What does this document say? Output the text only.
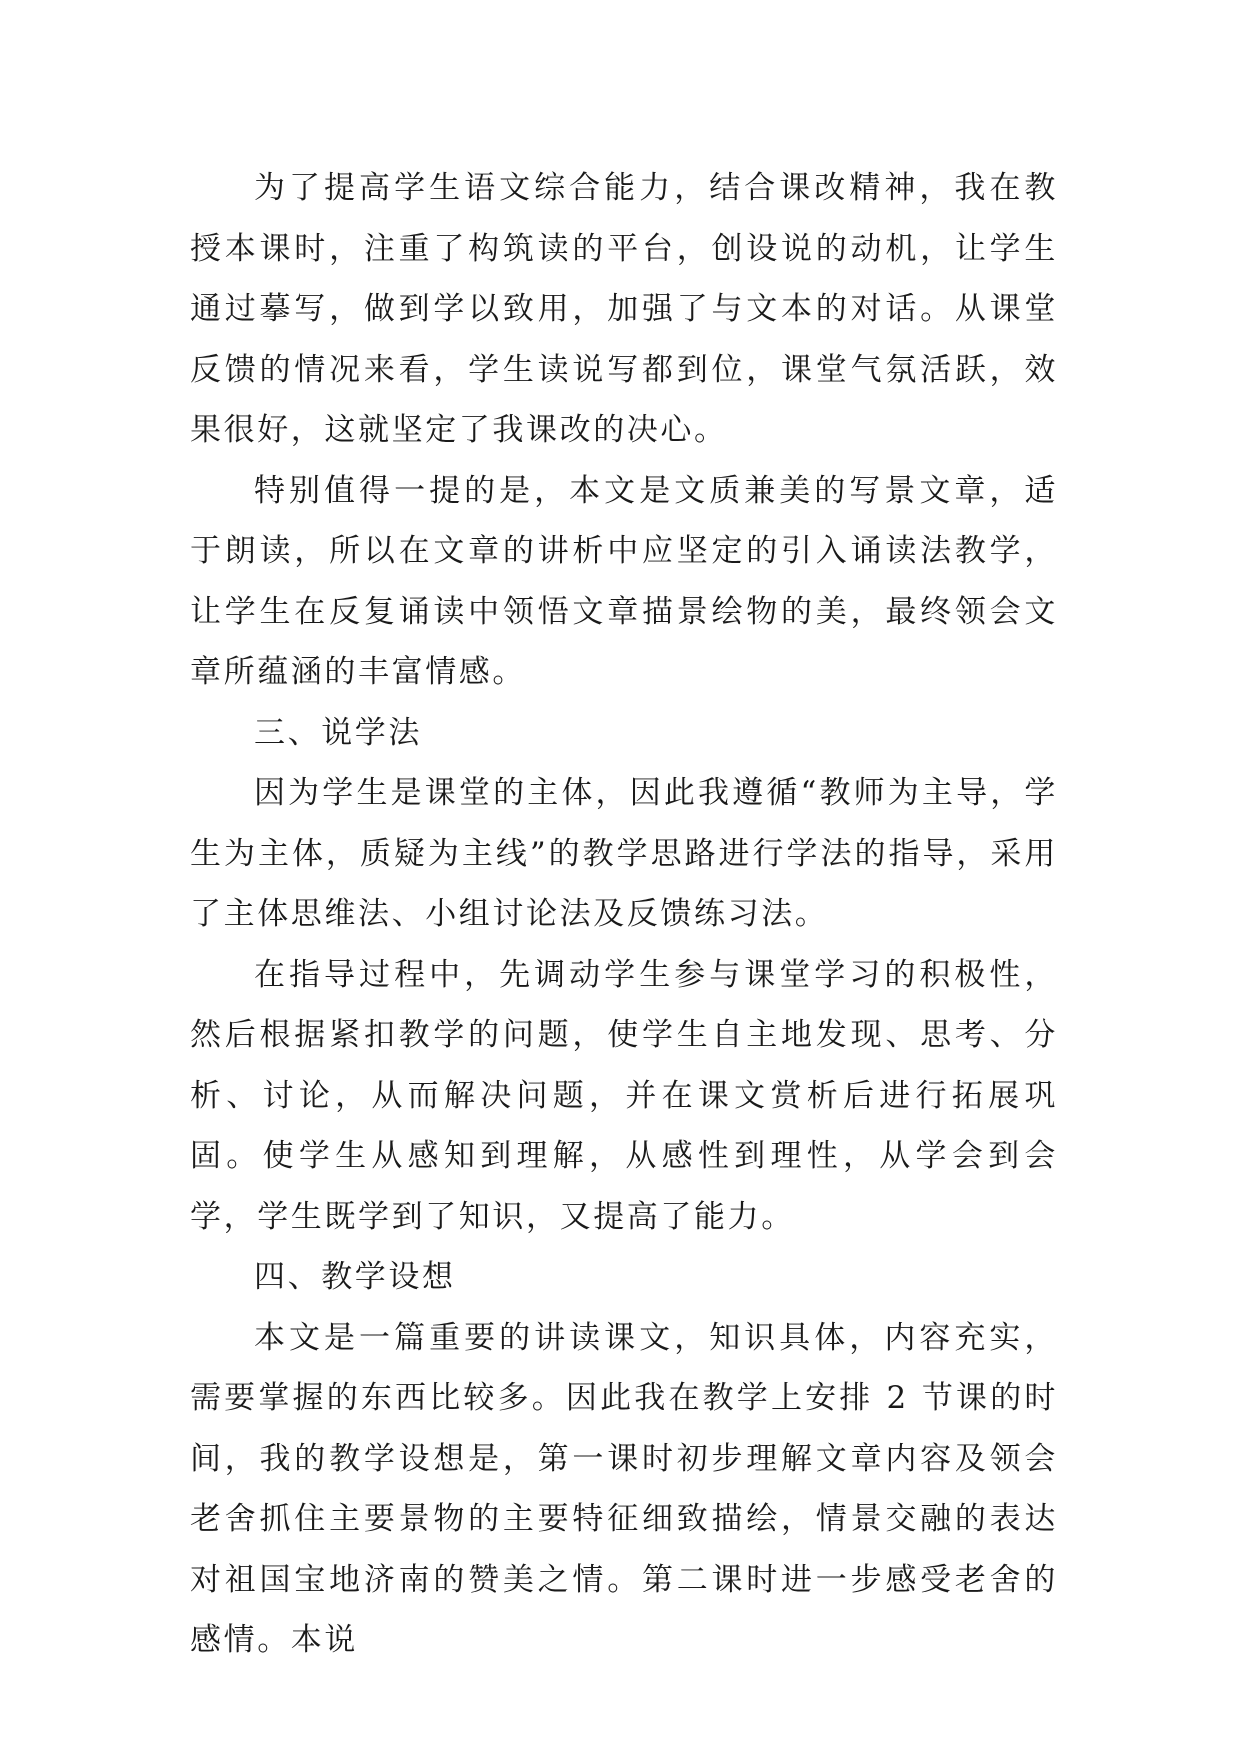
为了提高学生语文综合能力，结合课改精神，我在教授本课时，注重了构筑读的平台，创设说的动机，让学生通过摹写，做到学以致用，加强了与文本的对话。从课堂反馈的情况来看，学生读说写都到位，课堂气氛活跃，效果很好，这就坚定了我课改的决心。

特别值得一提的是，本文是文质兼美的写景文章，适于朗读，所以在文章的讲析中应坚定的引入诵读法教学，让学生在反复诵读中领悟文章描景绘物的美，最终领会文章所蕴涵的丰富情感。

三、说学法

因为学生是课堂的主体，因此我遵循“教师为主导，学生为主体，质疑为主线”的教学思路进行学法的指导，采用了主体思维法、小组讨论法及反馈练习法。

在指导过程中，先调动学生参与课堂学习的积极性，然后根据紧扣教学的问题，使学生自主地发现、思考、分析、讨论，从而解决问题，并在课文赏析后进行拓展巩固。使学生从感知到理解，从感性到理性，从学会到会学，学生既学到了知识，又提高了能力。

四、教学设想

本文是一篇重要的讲读课文，知识具体，内容充实，需要掌握的东西比较多。因此我在教学上安排 2 节课的时间，我的教学设想是，第一课时初步理解文章内容及领会老舍抓住主要景物的主要特征细致描绘，情景交融的表达对祖国宝地济南的赞美之情。第二课时进一步感受老舍的感情。本说
